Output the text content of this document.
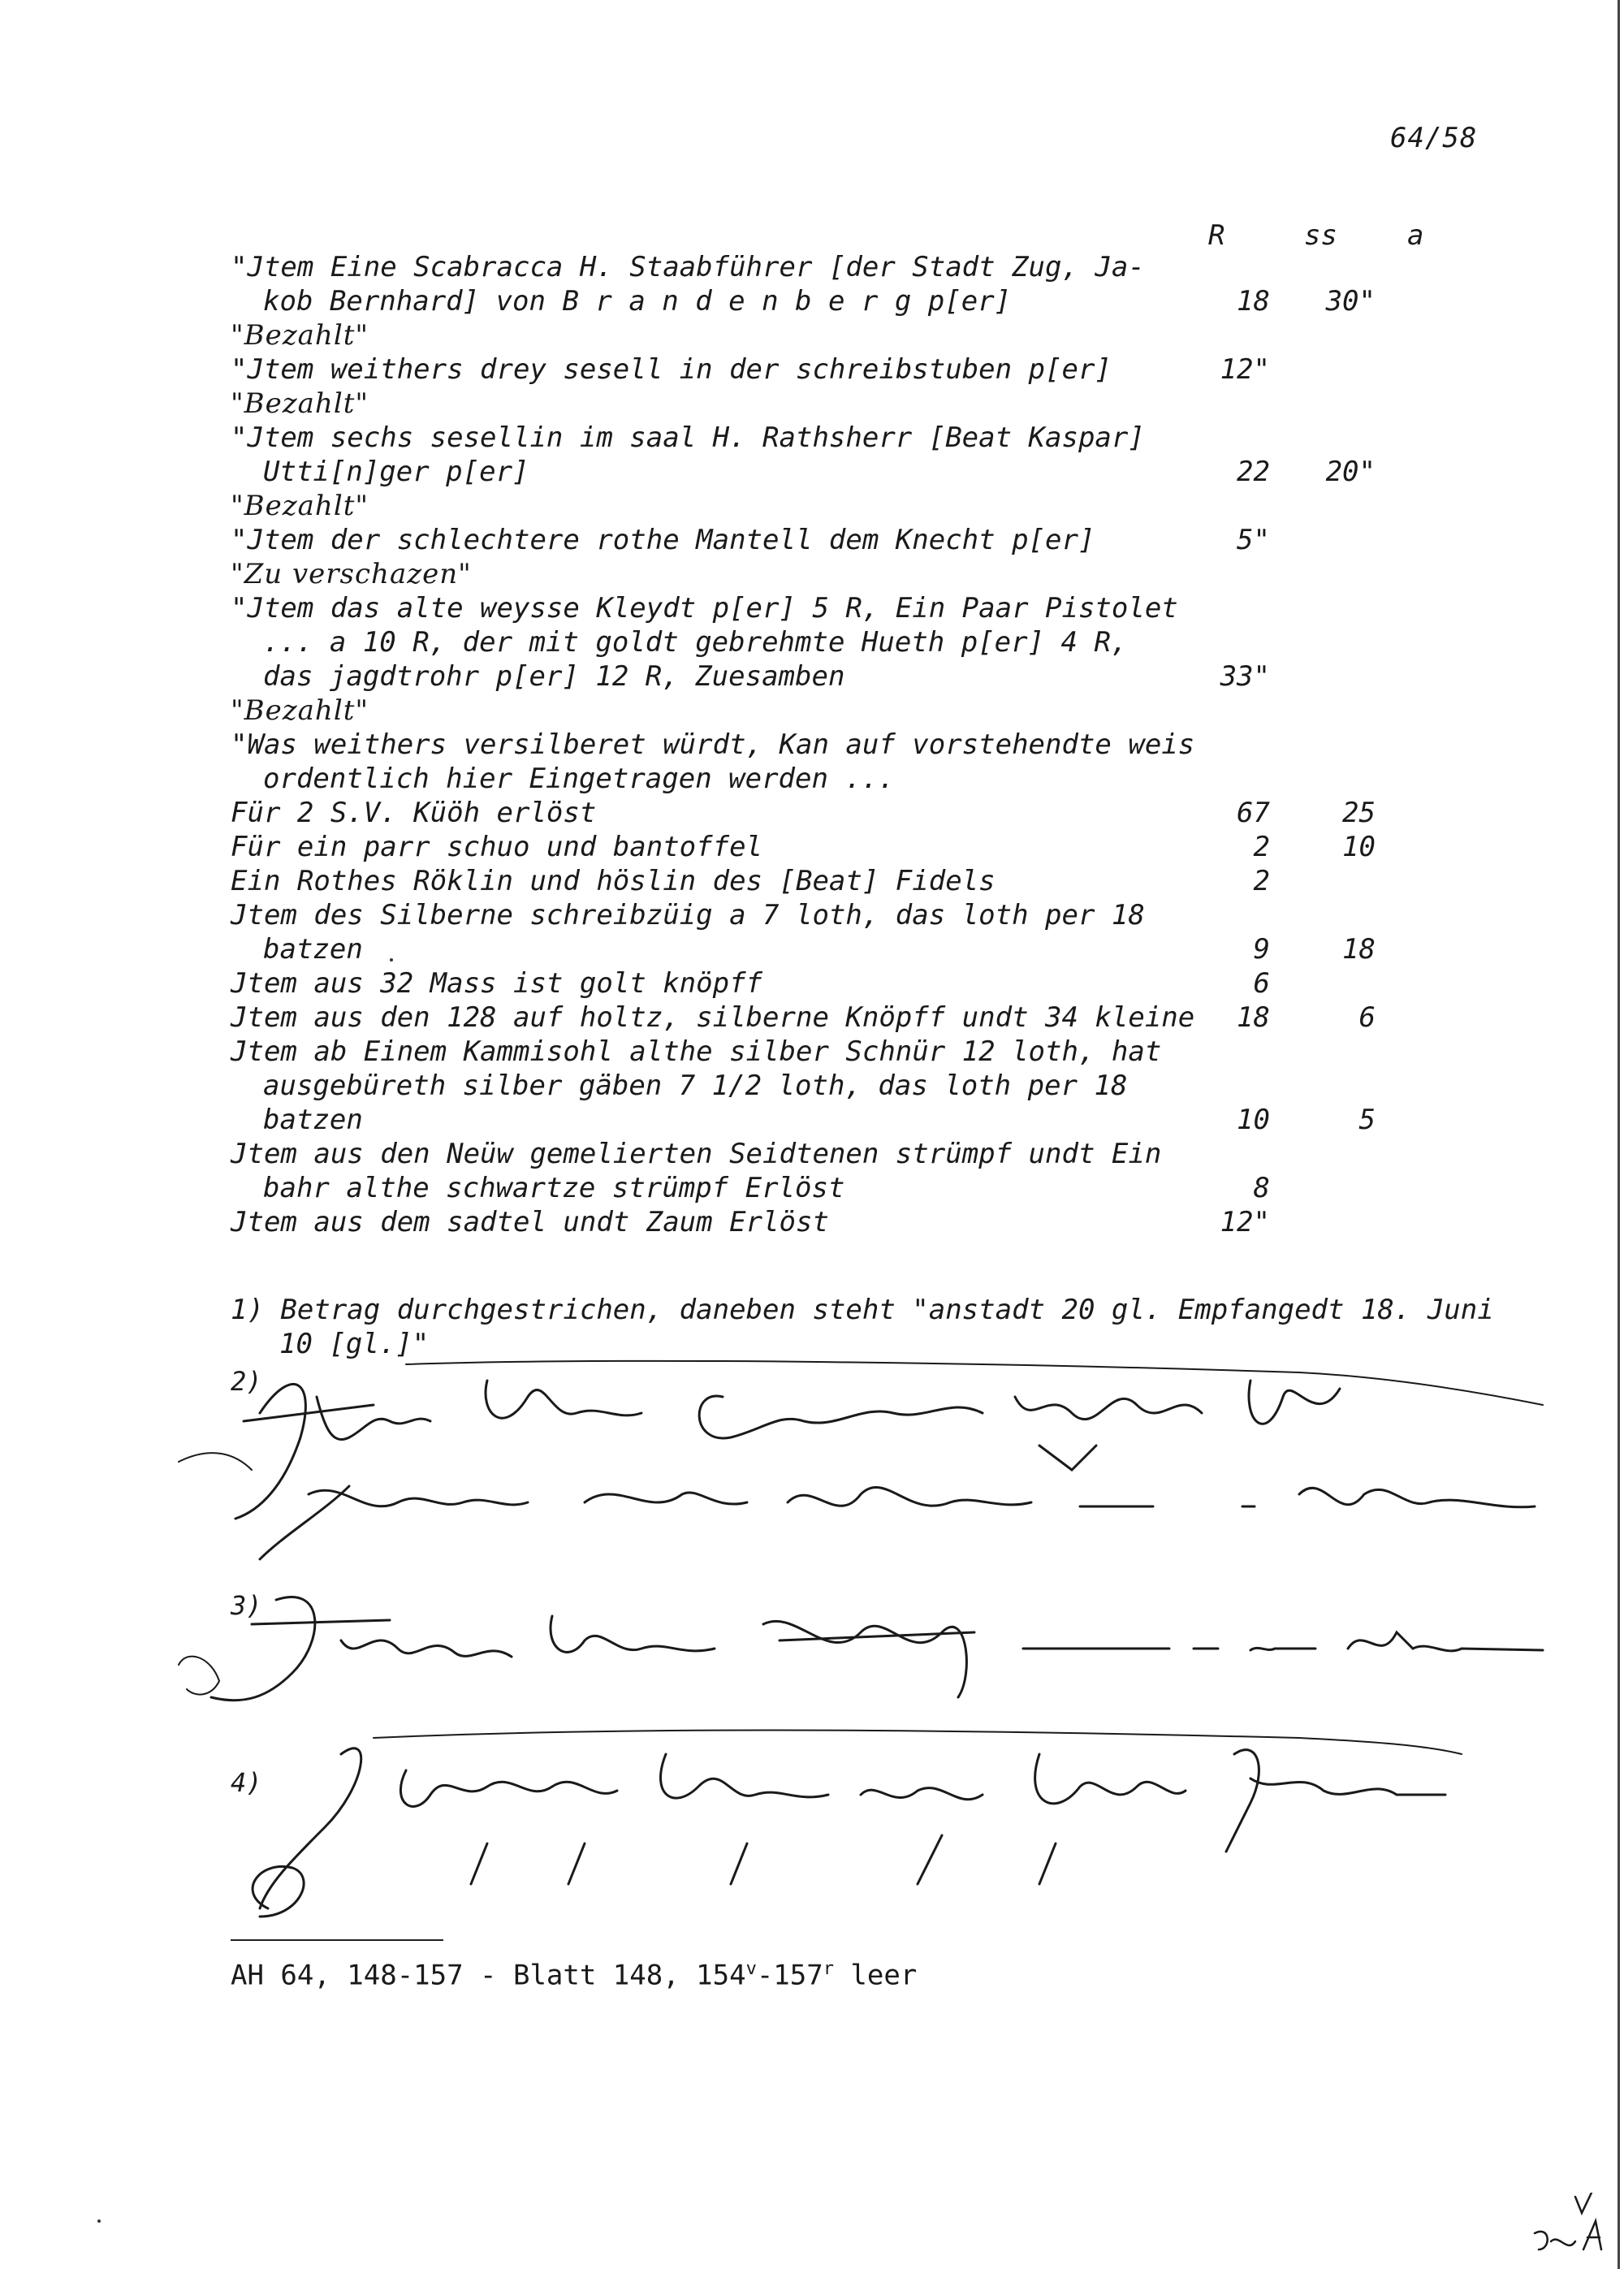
64/58
R	ss	a
"Jtem Eine Scabracca H. Staabführer [der Stadt Zug, Ja-
kob Bernhard] von B r a n d e n b e r g p[er]	18	30"
"Bezahlt"
"Jtem weithers drey sesell in der schreibstuben p[er]	12"
"Bezahlt"
"Jtem sechs sesellin im saal H. Rathsherr [Beat Kaspar]
Utti[n]ger p[er]	22	20"
"Bezahlt"
"Jtem der schlechtere rothe Mantell dem Knecht p[er]	5"
"Zu verschazen"
"Jtem das alte weysse Kleydt p[er] 5 R, Ein Paar Pistolet
... a 10 R, der mit goldt gebrehmte Hueth p[er] 4 R,
das jagdtrohr p[er] 12 R, Zuesamben	33"
"Bezahlt"
"Was weithers versilberet würdt, Kan auf vorstehendte weis
ordentlich hier Eingetragen werden ...
Für 2 S.V. Küöh erlöst	67	25
Für ein parr schuo und bantoffel	2	10
Ein Rothes Röklin und höslin des [Beat] Fidels	2
Jtem des Silberne schreibzüig a 7 loth, das loth per 18
batzen	9	18
Jtem aus 32 Mass ist golt knöpff	6
Jtem aus den 128 auf holtz, silberne Knöpff undt 34 kleine	18	6
Jtem ab Einem Kammisohl althe silber Schnür 12 loth, hat
ausgebüreth silber gäben 7 1/2 loth, das loth per 18
batzen	10	5
Jtem aus den Neüw gemelierten Seidtenen strümpf undt Ein
bahr althe schwartze strümpf Erlöst	8
Jtem aus dem sadtel undt Zaum Erlöst	12"
1) Betrag durchgestrichen, daneben steht "anstadt 20 gl. Empfangedt 18. Juni
10 [gl.]"
2)
3)
4)
AH 64, 148-157 - Blatt 148, 154$^v$-157$^r$ leer
